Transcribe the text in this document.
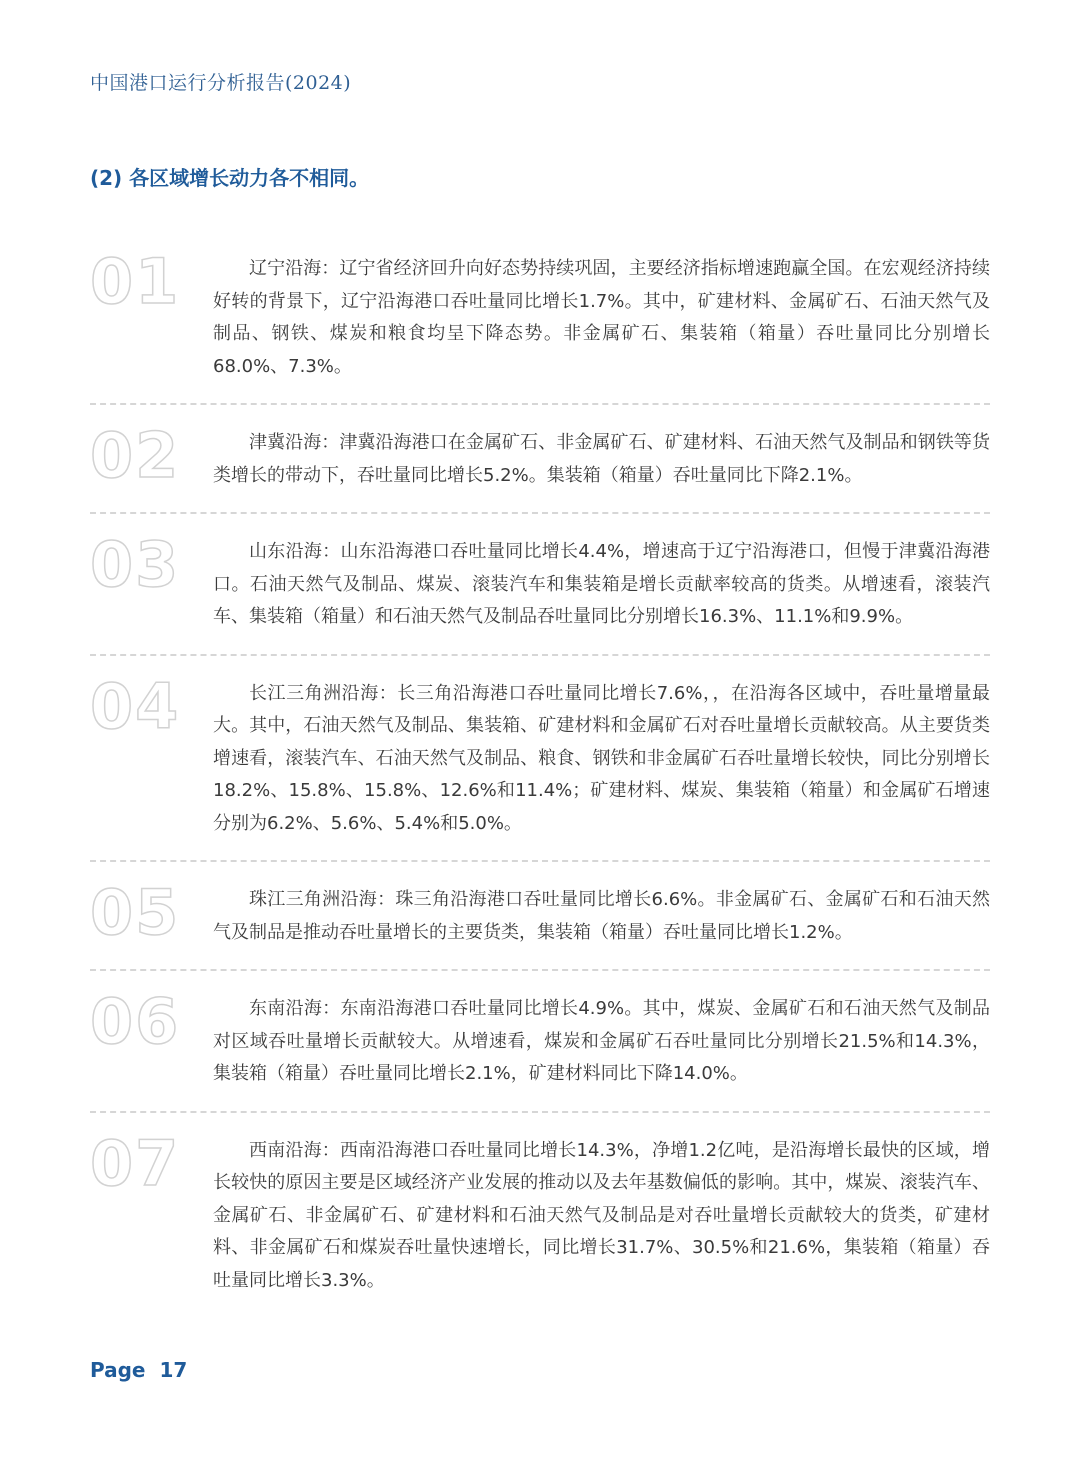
中国港口运行分析报告(2024)
(2) 各区域增长动力各不相同。
01	辽宁沿海：辽宁省经济回升向好态势持续巩固，主要经济指标增速跑赢全国。在宏观经济持续好转的背景下，辽宁沿海港口吞吐量同比增长1.7%。其中，矿建材料、金属矿石、石油天然气及制品、钢铁、煤炭和粮食均呈下降态势。非金属矿石、集装箱（箱量）吞吐量同比分别增长68.0%、7.3%。
02	津冀沿海：津冀沿海港口在金属矿石、非金属矿石、矿建材料、石油天然气及制品和钢铁等货类增长的带动下，吞吐量同比增长5.2%。集装箱（箱量）吞吐量同比下降2.1%。
03	山东沿海：山东沿海港口吞吐量同比增长4.4%，增速高于辽宁沿海港口，但慢于津冀沿海港口。石油天然气及制品、煤炭、滚装汽车和集装箱是增长贡献率较高的货类。从增速看，滚装汽车、集装箱（箱量）和石油天然气及制品吞吐量同比分别增长16.3%、11.1%和9.9%。
04	长江三角洲沿海：长三角沿海港口吞吐量同比增长7.6%，，在沿海各区域中，吞吐量增量最大。其中，石油天然气及制品、集装箱、矿建材料和金属矿石对吞吐量增长贡献较高。从主要货类增速看，滚装汽车、石油天然气及制品、粮食、钢铁和非金属矿石吞吐量增长较快，同比分别增长18.2%、15.8%、15.8%、12.6%和11.4%；矿建材料、煤炭、集装箱（箱量）和金属矿石增速分别为6.2%、5.6%、5.4%和5.0%。
05	珠江三角洲沿海：珠三角沿海港口吞吐量同比增长6.6%。非金属矿石、金属矿石和石油天然气及制品是推动吞吐量增长的主要货类，集装箱（箱量）吞吐量同比增长1.2%。
06	东南沿海：东南沿海港口吞吐量同比增长4.9%。其中，煤炭、金属矿石和石油天然气及制品对区域吞吐量增长贡献较大。从增速看，煤炭和金属矿石吞吐量同比分别增长21.5%和14.3%，集装箱（箱量）吞吐量同比增长2.1%，矿建材料同比下降14.0%。
07	西南沿海：西南沿海港口吞吐量同比增长14.3%，净增1.2亿吨，是沿海增长最快的区域，增长较快的原因主要是区域经济产业发展的推动以及去年基数偏低的影响。其中，煤炭、滚装汽车、金属矿石、非金属矿石、矿建材料和石油天然气及制品是对吞吐量增长贡献较大的货类，矿建材料、非金属矿石和煤炭吞吐量快速增长，同比增长31.7%、30.5%和21.6%，集装箱（箱量）吞吐量同比增长3.3%。
Page 17
